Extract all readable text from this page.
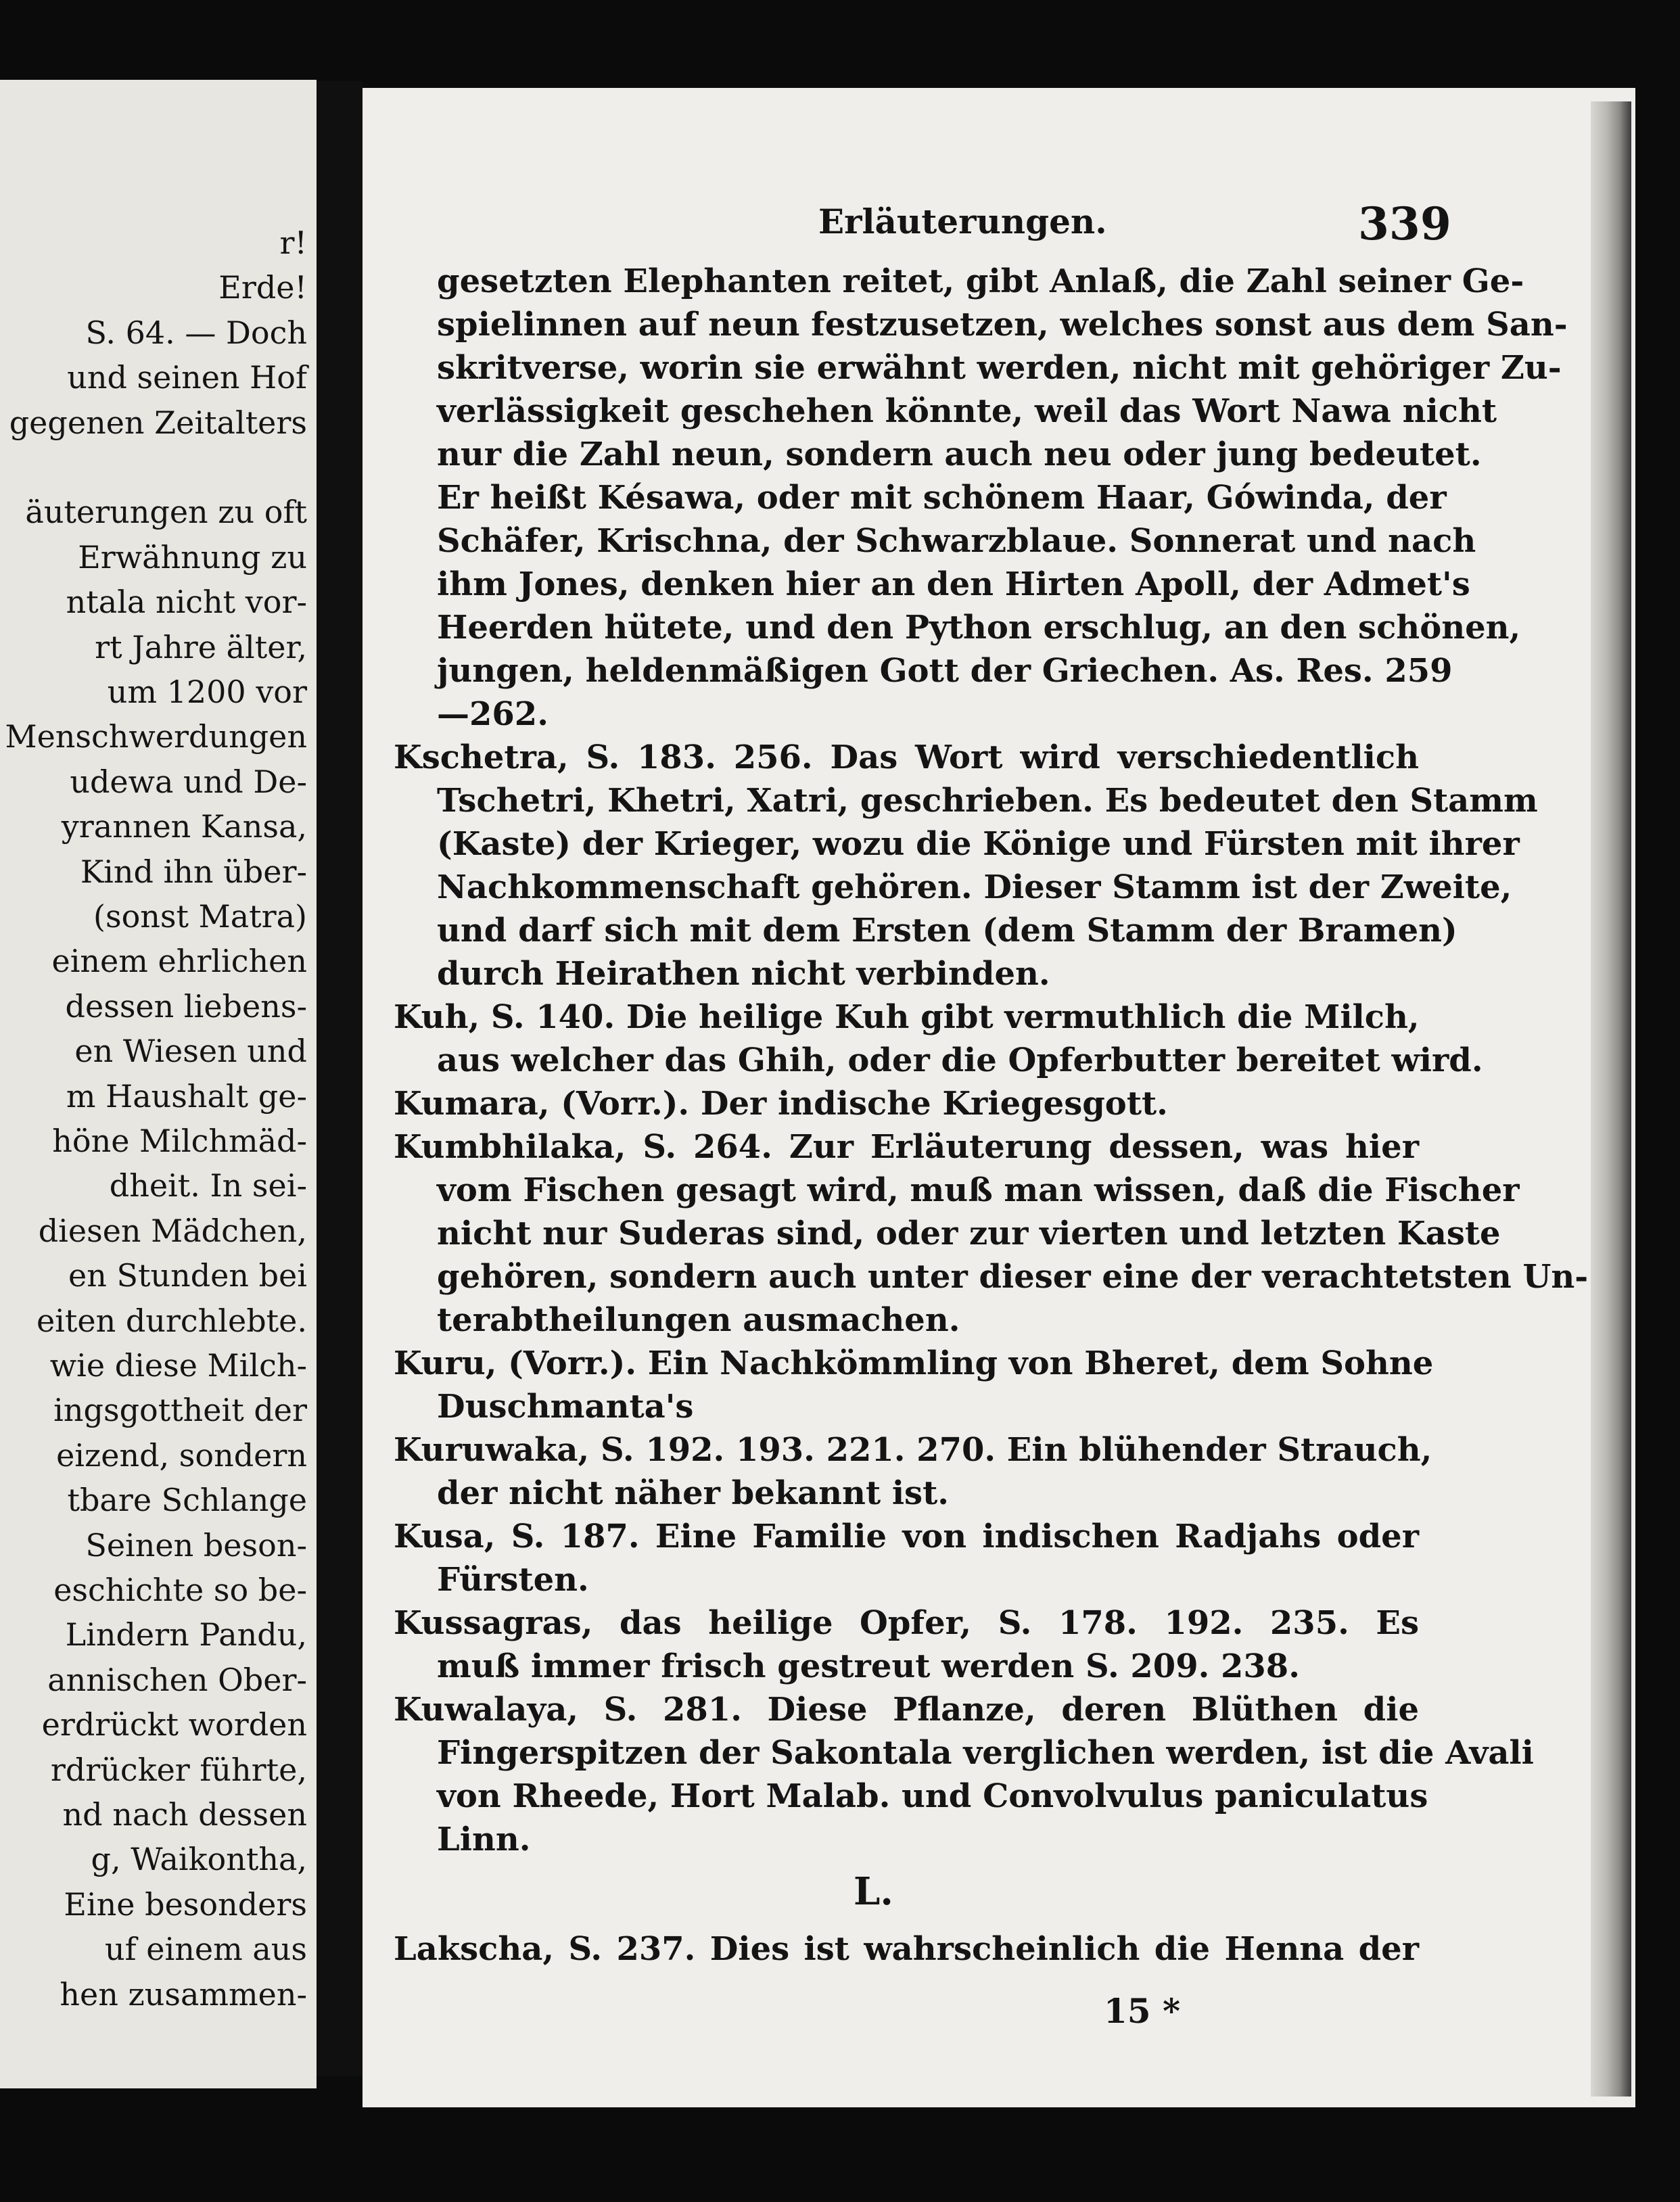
r!
Erde!
S. 64. — Doch
und seinen Hof
gegenen Zeitalters
äuterungen zu oft
Erwähnung zu
ntala nicht vor-
rt Jahre älter,
um 1200 vor
Menschwerdungen
udewa und De-
yrannen Kansa,
Kind ihn über-
(sonst Matra)
einem ehrlichen
dessen liebens-
en Wiesen und
m Haushalt ge-
höne Milchmäd-
dheit. In sei-
diesen Mädchen,
en Stunden bei
eiten durchlebte.
wie diese Milch-
ingsgottheit der
eizend, sondern
tbare Schlange
Seinen beson-
eschichte so be-
Lindern Pandu,
annischen Ober-
erdrückt worden
rdrücker führte,
nd nach dessen
g, Waikontha,
Eine besonders
uf einem aus
hen zusammen-
Erläuterungen.	339
gesetzten Elephanten reitet, gibt Anlaß, die Zahl seiner Ge-
spielinnen auf neun festzusetzen, welches sonst aus dem San-
skritverse, worin sie erwähnt werden, nicht mit gehöriger Zu-
verlässigkeit geschehen könnte, weil das Wort Nawa nicht
nur die Zahl neun, sondern auch neu oder jung bedeutet.
Er heißt Késawa, oder mit schönem Haar, Gówinda, der
Schäfer, Krischna, der Schwarzblaue. Sonnerat und nach
ihm Jones, denken hier an den Hirten Apoll, der Admet's
Heerden hütete, und den Python erschlug, an den schönen,
jungen, heldenmäßigen Gott der Griechen. As. Res. 259
—262.
Kschetra, S. 183. 256. Das Wort wird verschiedentlich
Tschetri, Khetri, Xatri, geschrieben. Es bedeutet den Stamm
(Kaste) der Krieger, wozu die Könige und Fürsten mit ihrer
Nachkommenschaft gehören. Dieser Stamm ist der Zweite,
und darf sich mit dem Ersten (dem Stamm der Bramen)
durch Heirathen nicht verbinden.
Kuh, S. 140. Die heilige Kuh gibt vermuthlich die Milch,
aus welcher das Ghih, oder die Opferbutter bereitet wird.
Kumara, (Vorr.). Der indische Kriegesgott.
Kumbhilaka, S. 264. Zur Erläuterung dessen, was hier
vom Fischen gesagt wird, muß man wissen, daß die Fischer
nicht nur Suderas sind, oder zur vierten und letzten Kaste
gehören, sondern auch unter dieser eine der verachtetsten Un-
terabtheilungen ausmachen.
Kuru, (Vorr.). Ein Nachkömmling von Bheret, dem Sohne
Duschmanta's
Kuruwaka, S. 192. 193. 221. 270. Ein blühender Strauch,
der nicht näher bekannt ist.
Kusa, S. 187. Eine Familie von indischen Radjahs oder
Fürsten.
Kussagras, das heilige Opfer, S. 178. 192. 235. Es
muß immer frisch gestreut werden S. 209. 238.
Kuwalaya, S. 281. Diese Pflanze, deren Blüthen die
Fingerspitzen der Sakontala verglichen werden, ist die Avali
von Rheede, Hort Malab. und Convolvulus paniculatus
Linn.
L.
Lakscha, S. 237. Dies ist wahrscheinlich die Henna der
15 *
